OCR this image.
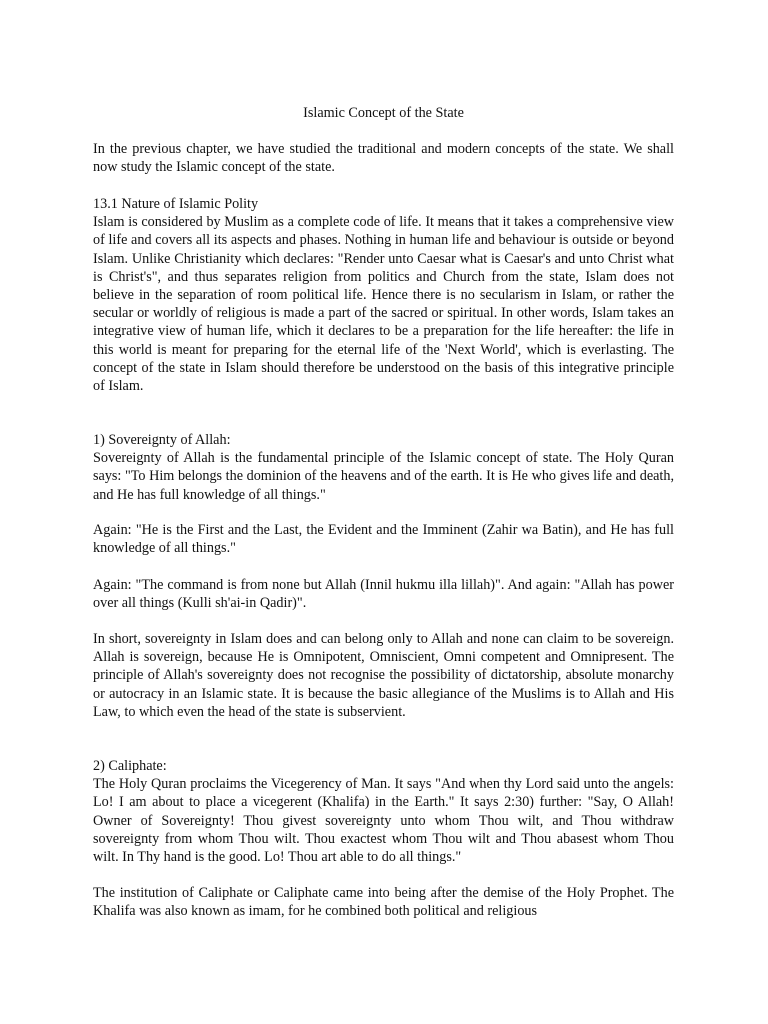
Islamic Concept of the State

In the previous chapter, we have studied the traditional and modern concepts of the state. We shall now study the Islamic concept of the state.

13.1 Nature of Islamic Polity

Islam is considered by Muslim as a complete code of life. It means that it takes a comprehensive view of life and covers all its aspects and phases. Nothing in human life and behaviour is outside or beyond Islam. Unlike Christianity which declares: "Render unto Caesar what is Caesar's and unto Christ what is Christ's", and thus separates religion from politics and Church from the state, Islam does not believe in the separation of room political life. Hence there is no secularism in Islam, or rather the secular or worldly of religious is made a part of the sacred or spiritual. In other words, Islam takes an integrative view of human life, which it declares to be a preparation for the life hereafter: the life in this world is meant for preparing for the eternal life of the 'Next World', which is everlasting. The concept of the state in Islam should therefore be understood on the basis of this integrative principle of Islam.

1) Sovereignty of Allah:

Sovereignty of Allah is the fundamental principle of the Islamic concept of state. The Holy Quran says: "To Him belongs the dominion of the heavens and of the earth. It is He who gives life and death, and He has full knowledge of all things."

Again: "He is the First and the Last, the Evident and the Imminent (Zahir wa Batin), and He has full knowledge of all things."

Again: "The command is from none but Allah (Innil hukmu illa lillah)". And again: "Allah has power over all things (Kulli sh'ai-in Qadir)".

In short, sovereignty in Islam does and can belong only to Allah and none can claim to be sovereign. Allah is sovereign, because He is Omnipotent, Omniscient, Omni competent and Omnipresent. The principle of Allah's sovereignty does not recognise the possibility of dictatorship, absolute monarchy or autocracy in an Islamic state. It is because the basic allegiance of the Muslims is to Allah and His Law, to which even the head of the state is subservient.

2) Caliphate:

The Holy Quran proclaims the Vicegerency of Man. It says "And when thy Lord said unto the angels: Lo! I am about to place a vicegerent (Khalifa) in the Earth." It says 2:30) further: "Say, O Allah! Owner of Sovereignty! Thou givest sovereignty unto whom Thou wilt, and Thou withdraw sovereignty from whom Thou wilt. Thou exactest whom Thou wilt and Thou abasest whom Thou wilt. In Thy hand is the good. Lo! Thou art able to do all things."

The institution of Caliphate or Caliphate came into being after the demise of the Holy Prophet. The Khalifa was also known as imam, for he combined both political and religious
